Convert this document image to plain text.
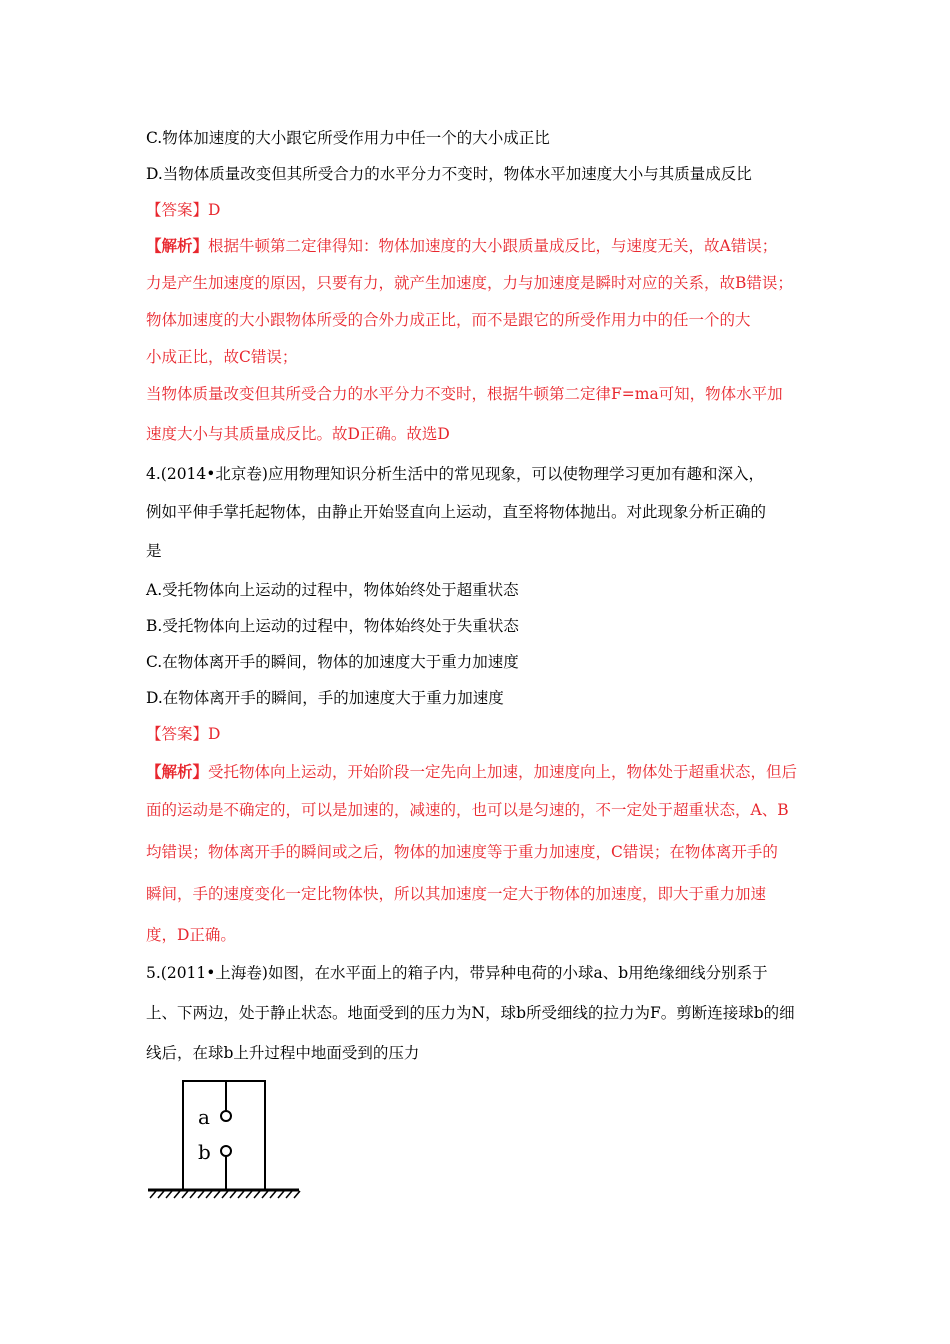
C.物体加速度的大小跟它所受作用力中任一个的大小成正比
D.当物体质量改变但其所受合力的水平分力不变时，物体水平加速度大小与其质量成反比
【答案】D
【解析】根据牛顿第二定律得知：物体加速度的大小跟质量成反比，与速度无关，故A错误；
力是产生加速度的原因，只要有力，就产生加速度，力与加速度是瞬时对应的关系，故B错误；
物体加速度的大小跟物体所受的合外力成正比，而不是跟它的所受作用力中的任一个的大
小成正比，故C错误；
当物体质量改变但其所受合力的水平分力不变时，根据牛顿第二定律F=ma可知，物体水平加
速度大小与其质量成反比。故D正确。故选D
4.(2014•北京卷)应用物理知识分析生活中的常见现象，可以使物理学习更加有趣和深入，
例如平伸手掌托起物体，由静止开始竖直向上运动，直至将物体抛出。对此现象分析正确的
是
A.受托物体向上运动的过程中，物体始终处于超重状态
B.受托物体向上运动的过程中，物体始终处于失重状态
C.在物体离开手的瞬间，物体的加速度大于重力加速度
D.在物体离开手的瞬间，手的加速度大于重力加速度
【答案】D
【解析】受托物体向上运动，开始阶段一定先向上加速，加速度向上，物体处于超重状态，但后
面的运动是不确定的，可以是加速的，减速的，也可以是匀速的，不一定处于超重状态，A、B
均错误；物体离开手的瞬间或之后，物体的加速度等于重力加速度，C错误；在物体离开手的
瞬间，手的速度变化一定比物体快，所以其加速度一定大于物体的加速度，即大于重力加速
度，D正确。
5.(2011•上海卷)如图，在水平面上的箱子内，带异种电荷的小球a、b用绝缘细线分别系于
上、下两边，处于静止状态。地面受到的压力为N，球b所受细线的拉力为F。剪断连接球b的细
线后，在球b上升过程中地面受到的压力
a
b
